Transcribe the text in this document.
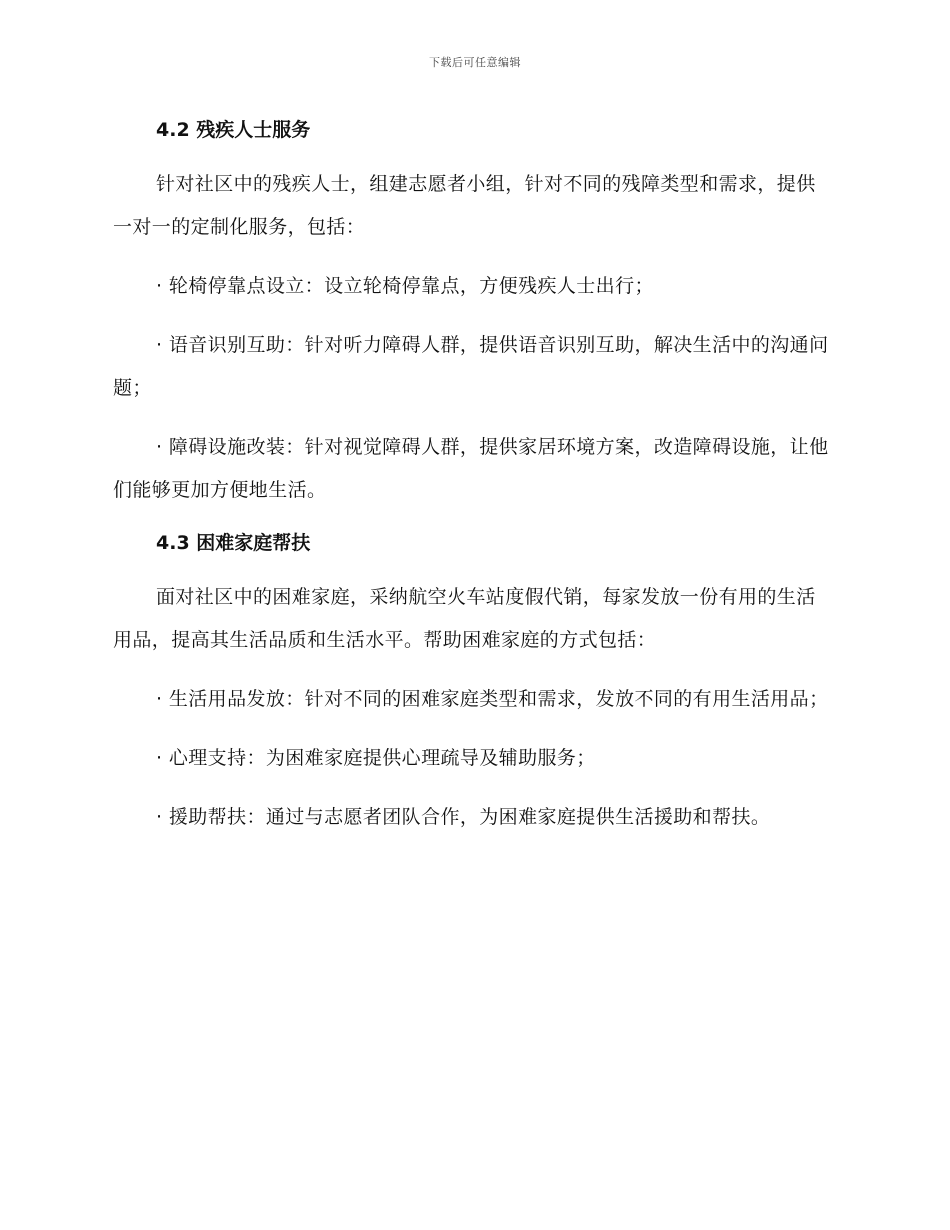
下载后可任意编辑
4.2 残疾人士服务

针对社区中的残疾人士，组建志愿者小组，针对不同的残障类型和需求，提供一对一的定制化服务，包括：

· 轮椅停靠点设立：设立轮椅停靠点，方便残疾人士出行；

· 语音识别互助：针对听力障碍人群，提供语音识别互助，解决生活中的沟通问题；

· 障碍设施改装：针对视觉障碍人群，提供家居环境方案，改造障碍设施，让他们能够更加方便地生活。

4.3 困难家庭帮扶

面对社区中的困难家庭，采纳航空火车站度假代销，每家发放一份有用的生活用品，提高其生活品质和生活水平。帮助困难家庭的方式包括：

· 生活用品发放：针对不同的困难家庭类型和需求，发放不同的有用生活用品；

· 心理支持：为困难家庭提供心理疏导及辅助服务；

· 援助帮扶：通过与志愿者团队合作，为困难家庭提供生活援助和帮扶。
